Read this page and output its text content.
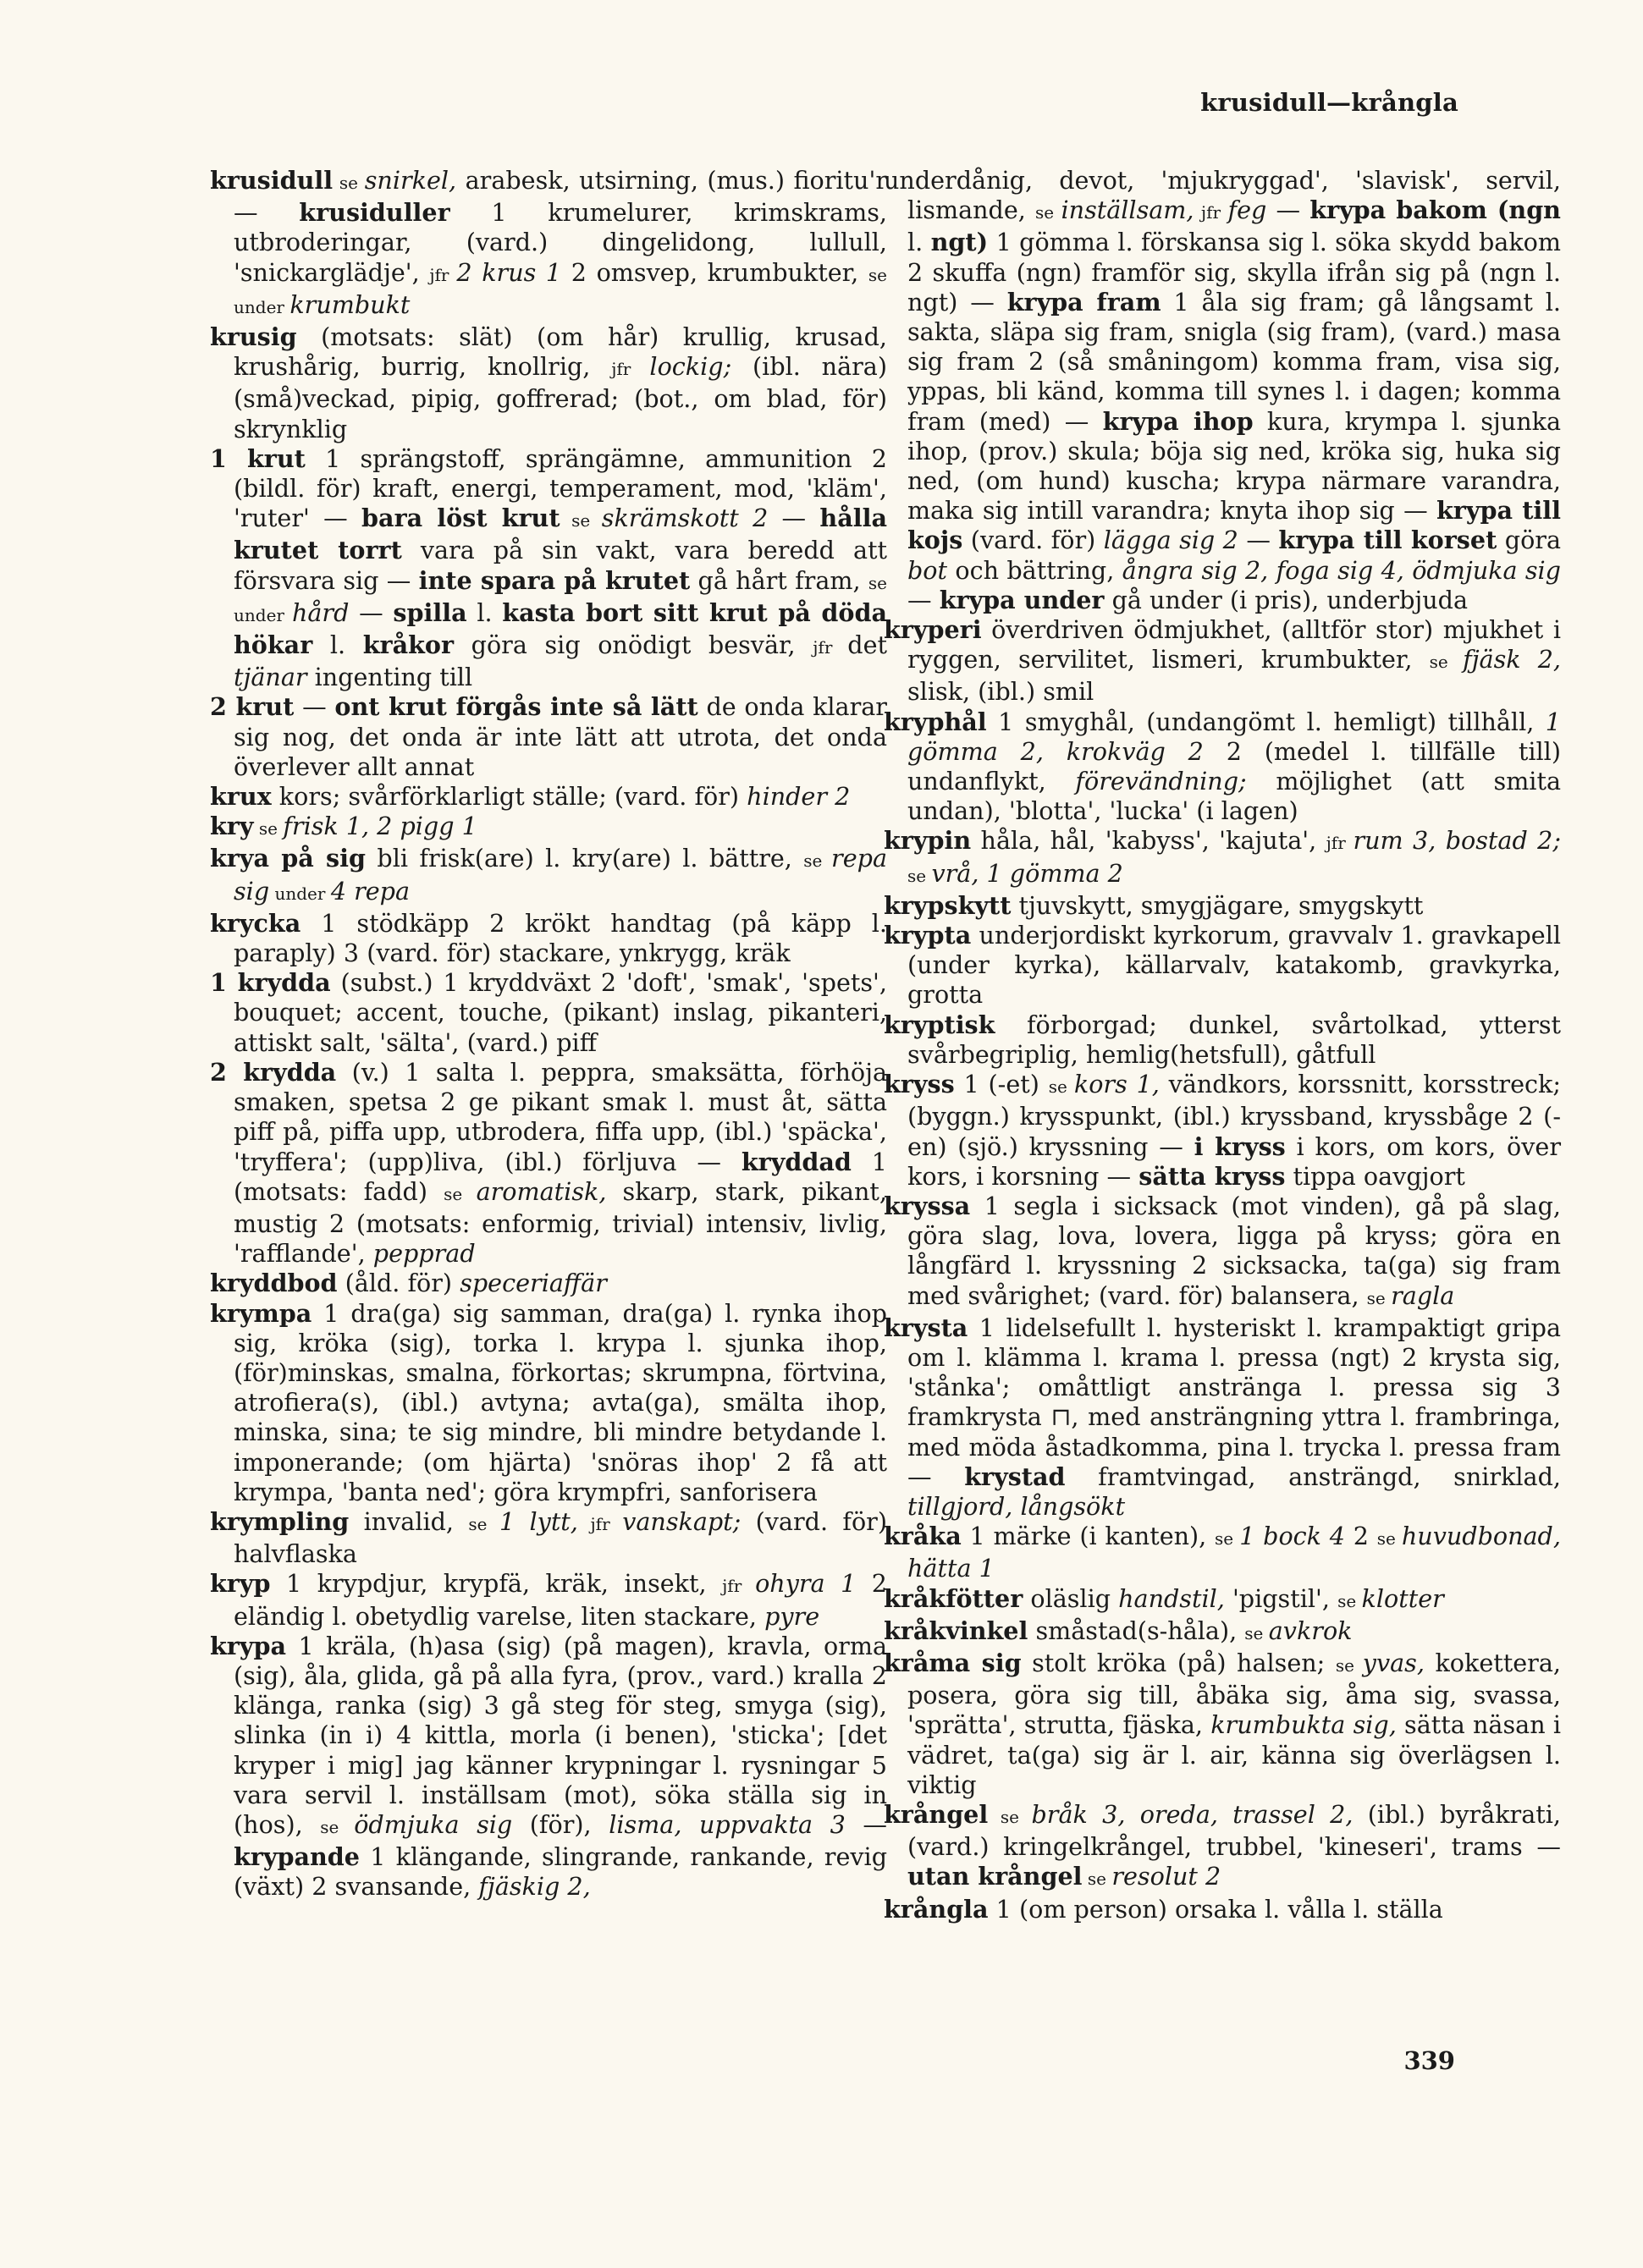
krusidull—krångla
krusidull se snirkel, arabesk, utsirning, (mus.) fioritu'r — krusiduller 1 krumelurer, krimskrams, utbroderingar, (vard.) dingelidong, lullull, 'snickarglädje', jfr 2 krus 1 2 omsvep, krumbukter, se under krumbukt
krusig (motsats: slät) (om hår) krullig, krusad, krushårig, burrig, knollrig, jfr lockig; (ibl. nära) (små)veckad, pipig, goffrerad; (bot., om blad, för) skrynklig
1 krut 1 sprängstoff, sprängämne, ammunition 2 (bildl. för) kraft, energi, temperament, mod, 'kläm', 'ruter' — bara löst krut se skrämskott 2 — hålla krutet torrt vara på sin vakt, vara beredd att försvara sig — inte spara på krutet gå hårt fram, se under hård — spilla l. kasta bort sitt krut på döda hökar l. kråkor göra sig onödigt besvär, jfr det tjänar ingenting till
2 krut — ont krut förgås inte så lätt de onda klarar sig nog, det onda är inte lätt att utrota, det onda överlever allt annat
krux kors; svårförklarligt ställe; (vard. för) hinder 2
kry se frisk 1, 2 pigg 1
krya på sig bli frisk(are) l. kry(are) l. bättre, se repa sig under 4 repa
krycka 1 stödkäpp 2 krökt handtag (på käpp l. paraply) 3 (vard. för) stackare, ynkrygg, kräk
1 krydda (subst.) 1 kryddväxt 2 'doft', 'smak', 'spets', bouquet; accent, touche, (pikant) inslag, pikanteri, attiskt salt, 'sälta', (vard.) piff
2 krydda (v.) 1 salta l. peppra, smaksätta, förhöja smaken, spetsa 2 ge pikant smak l. must åt, sätta piff på, piffa upp, utbrodera, fiffa upp, (ibl.) 'späcka', 'tryffera'; (upp)liva, (ibl.) förljuva — kryddad 1 (motsats: fadd) se aromatisk, skarp, stark, pikant, mustig 2 (motsats: enformig, trivial) intensiv, livlig, 'rafflande', pepprad
kryddbod (åld. för) speceriaffär
krympa 1 dra(ga) sig samman, dra(ga) l. rynka ihop sig, kröka (sig), torka l. krypa l. sjunka ihop, (för)minskas, smalna, förkortas; skrumpna, förtvina, atrofiera(s), (ibl.) avtyna; avta(ga), smälta ihop, minska, sina; te sig mindre, bli mindre betydande l. imponerande; (om hjärta) 'snöras ihop' 2 få att krympa, 'banta ned'; göra krympfri, sanforisera
krympling invalid, se 1 lytt, jfr vanskapt; (vard. för) halvflaska
kryp 1 krypdjur, krypfä, kräk, insekt, jfr ohyra 1 2 eländig l. obetydlig varelse, liten stackare, pyre
krypa 1 kräla, (h)asa (sig) (på magen), kravla, orma (sig), åla, glida, gå på alla fyra, (prov., vard.) kralla 2 klänga, ranka (sig) 3 gå steg för steg, smyga (sig), slinka (in i) 4 kittla, morla (i benen), 'sticka'; [det kryper i mig] jag känner krypningar l. rysningar 5 vara servil l. inställsam (mot), söka ställa sig in (hos), se ödmjuka sig (för), lisma, uppvakta 3 — krypande 1 klängande, slingrande, rankande, revig (växt) 2 svansande, fjäskig 2,
underdånig, devot, 'mjukryggad', 'slavisk', servil, lismande, se inställsam, jfr feg — krypa bakom (ngn l. ngt) 1 gömma l. förskansa sig l. söka skydd bakom 2 skuffa (ngn) framför sig, skylla ifrån sig på (ngn l. ngt) — krypa fram 1 åla sig fram; gå långsamt l. sakta, släpa sig fram, snigla (sig fram), (vard.) masa sig fram 2 (så småningom) komma fram, visa sig, yppas, bli känd, komma till synes l. i dagen; komma fram (med) — krypa ihop kura, krympa l. sjunka ihop, (prov.) skula; böja sig ned, kröka sig, huka sig ned, (om hund) kuscha; krypa närmare varandra, maka sig intill varandra; knyta ihop sig — krypa till kojs (vard. för) lägga sig 2 — krypa till korset göra bot och bättring, ångra sig 2, foga sig 4, ödmjuka sig — krypa under gå under (i pris), underbjuda
kryperi överdriven ödmjukhet, (alltför stor) mjukhet i ryggen, servilitet, lismeri, krumbukter, se fjäsk 2, slisk, (ibl.) smil
kryphål 1 smyghål, (undangömt l. hemligt) tillhåll, 1 gömma 2, krokväg 2 2 (medel l. tillfälle till) undanflykt, förevändning; möjlighet (att smita undan), 'blotta', 'lucka' (i lagen)
krypin håla, hål, 'kabyss', 'kajuta', jfr rum 3, bostad 2; se vrå, 1 gömma 2
krypskytt tjuvskytt, smygjägare, smygskytt
krypta underjordiskt kyrkorum, gravvalv 1. gravkapell (under kyrka), källarvalv, katakomb, gravkyrka, grotta
kryptisk förborgad; dunkel, svårtolkad, ytterst svårbegriplig, hemlig(hetsfull), gåtfull
kryss 1 (-et) se kors 1, vändkors, korssnitt, korsstreck; (byggn.) krysspunkt, (ibl.) kryssband, kryssbåge 2 (-en) (sjö.) kryssning — i kryss i kors, om kors, över kors, i korsning — sätta kryss tippa oavgjort
kryssa 1 segla i sicksack (mot vinden), gå på slag, göra slag, lova, lovera, ligga på kryss; göra en långfärd l. kryssning 2 sicksacka, ta(ga) sig fram med svårighet; (vard. för) balansera, se ragla
krysta 1 lidelsefullt l. hysteriskt l. krampaktigt gripa om l. klämma l. krama l. pressa (ngt) 2 krysta sig, 'stånka'; omåttligt anstränga l. pressa sig 3 framkrysta ⊓, med ansträngning yttra l. frambringa, med möda åstadkomma, pina l. trycka l. pressa fram — krystad framtvingad, ansträngd, snirklad, tillgjord, långsökt
kråka 1 märke (i kanten), se 1 bock 4 2 se huvudbonad, hätta 1
kråkfötter oläslig handstil, 'pigstil', se klotter
kråkvinkel småstad(s-håla), se avkrok
kråma sig stolt kröka (på) halsen; se yvas, kokettera, posera, göra sig till, åbäka sig, åma sig, svassa, 'sprätta', strutta, fjäska, krumbukta sig, sätta näsan i vädret, ta(ga) sig är l. air, känna sig överlägsen l. viktig
krångel se bråk 3, oreda, trassel 2, (ibl.) byråkrati, (vard.) kringelkrångel, trubbel, 'kineseri', trams — utan krångel se resolut 2
krångla 1 (om person) orsaka l. vålla l. ställa
339
